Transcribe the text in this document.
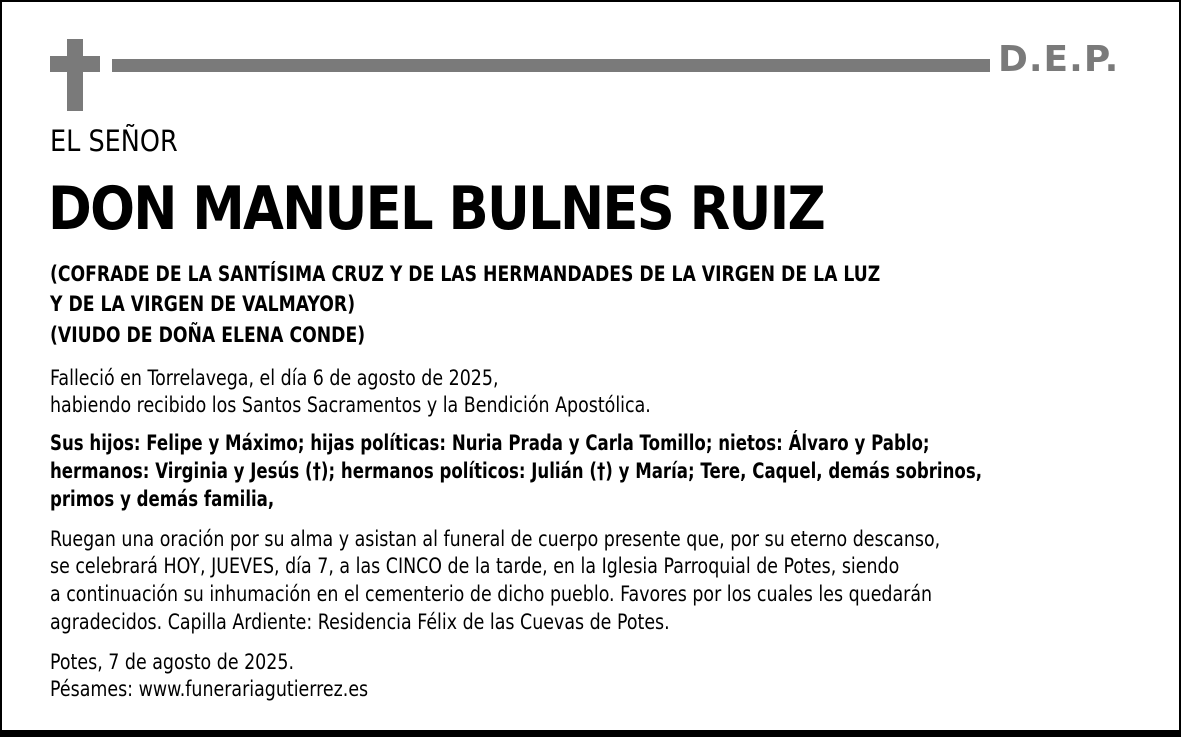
D.E.P.
EL SEÑOR
DON MANUEL BULNES RUIZ
(COFRADE DE LA SANTÍSIMA CRUZ Y DE LAS HERMANDADES DE LA VIRGEN DE LA LUZ
Y DE LA VIRGEN DE VALMAYOR)
(VIUDO DE DOÑA ELENA CONDE)
Falleció en Torrelavega, el día 6 de agosto de 2025,
habiendo recibido los Santos Sacramentos y la Bendición Apostólica.
Sus hijos: Felipe y Máximo; hijas políticas: Nuria Prada y Carla Tomillo; nietos: Álvaro y Pablo;
hermanos: Virginia y Jesús (†); hermanos políticos: Julián (†) y María; Tere, Caquel, demás sobrinos,
primos y demás familia,
Ruegan una oración por su alma y asistan al funeral de cuerpo presente que, por su eterno descanso,
se celebrará HOY, JUEVES, día 7, a las CINCO de la tarde, en la Iglesia Parroquial de Potes, siendo
a continuación su inhumación en el cementerio de dicho pueblo. Favores por los cuales les quedarán
agradecidos. Capilla Ardiente: Residencia Félix de las Cuevas de Potes.
Potes, 7 de agosto de 2025.
Pésames: www.funerariagutierrez.es
